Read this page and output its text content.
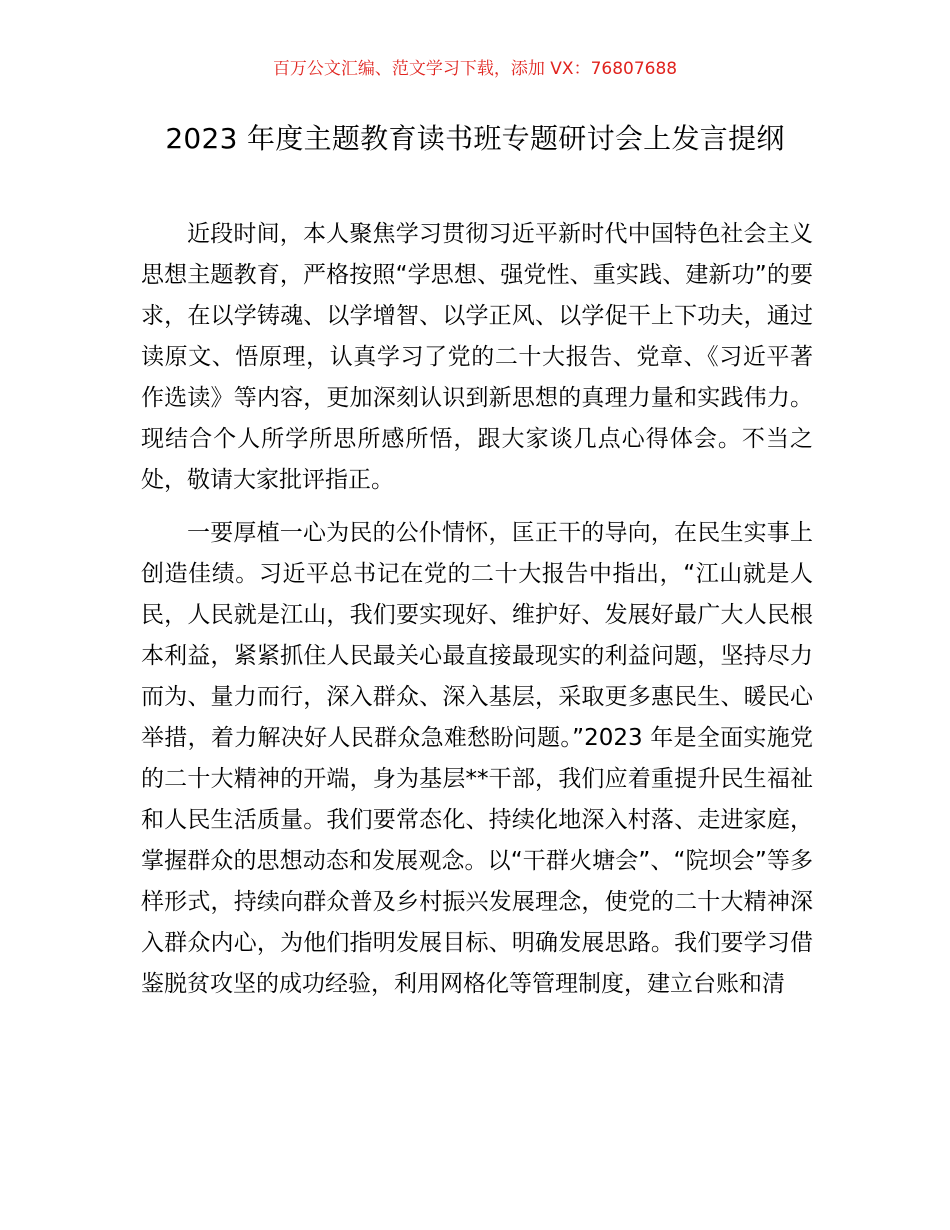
百万公文汇编、范文学习下载，添加 VX：76807688
2023 年度主题教育读书班专题研讨会上发言提纲

近段时间，本人聚焦学习贯彻习近平新时代中国特色社会主义思想主题教育，严格按照“学思想、强党性、重实践、建新功”的要求，在以学铸魂、以学增智、以学正风、以学促干上下功夫，通过读原文、悟原理，认真学习了党的二十大报告、党章、《习近平著作选读》等内容，更加深刻认识到新思想的真理力量和实践伟力。现结合个人所学所思所感所悟，跟大家谈几点心得体会。不当之处，敬请大家批评指正。

一要厚植一心为民的公仆情怀，匡正干的导向，在民生实事上创造佳绩。习近平总书记在党的二十大报告中指出，“江山就是人民，人民就是江山，我们要实现好、维护好、发展好最广大人民根本利益，紧紧抓住人民最关心最直接最现实的利益问题，坚持尽力而为、量力而行，深入群众、深入基层，采取更多惠民生、暖民心举措，着力解决好人民群众急难愁盼问题。”2023 年是全面实施党的二十大精神的开端，身为基层**干部，我们应着重提升民生福祉和人民生活质量。我们要常态化、持续化地深入村落、走进家庭，掌握群众的思想动态和发展观念。以“干群火塘会”、“院坝会”等多样形式，持续向群众普及乡村振兴发展理念，使党的二十大精神深入群众内心，为他们指明发展目标、明确发展思路。我们要学习借鉴脱贫攻坚的成功经验，利用网格化等管理制度，建立台账和清
